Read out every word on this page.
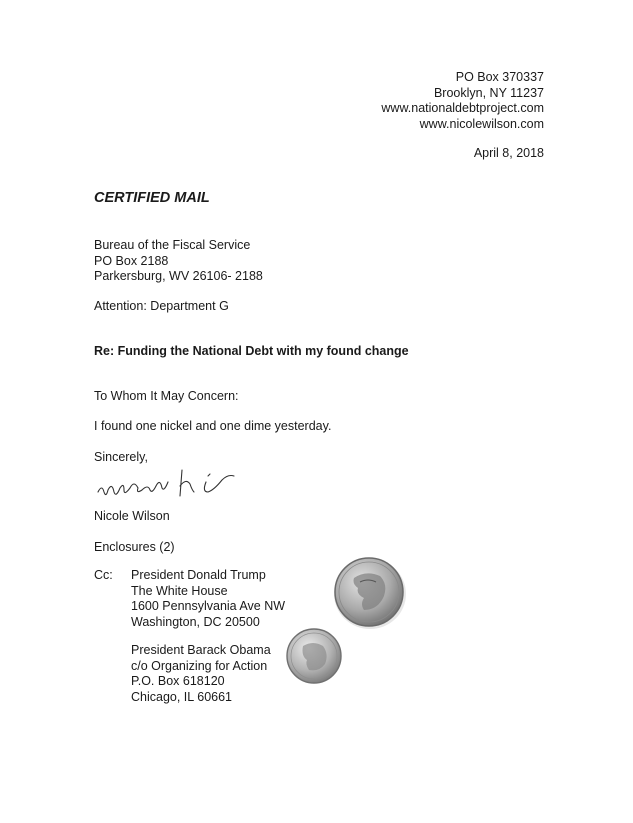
PO Box 370337
Brooklyn, NY 11237
www.nationaldebtproject.com
www.nicolewilson.com
April 8, 2018
CERTIFIED MAIL
Bureau of the Fiscal Service
PO Box 2188
Parkersburg, WV 26106- 2188
Attention: Department G
Re: Funding the National Debt with my found change
To Whom It May Concern:
I found one nickel and one dime yesterday.
Sincerely,
Nicole Wilson
Enclosures (2)
Cc: President Donald Trump
The White House
1600 Pennsylvania Ave NW
Washington, DC 20500
President Barack Obama
c/o Organizing for Action
P.O. Box 618120
Chicago, IL 60661
